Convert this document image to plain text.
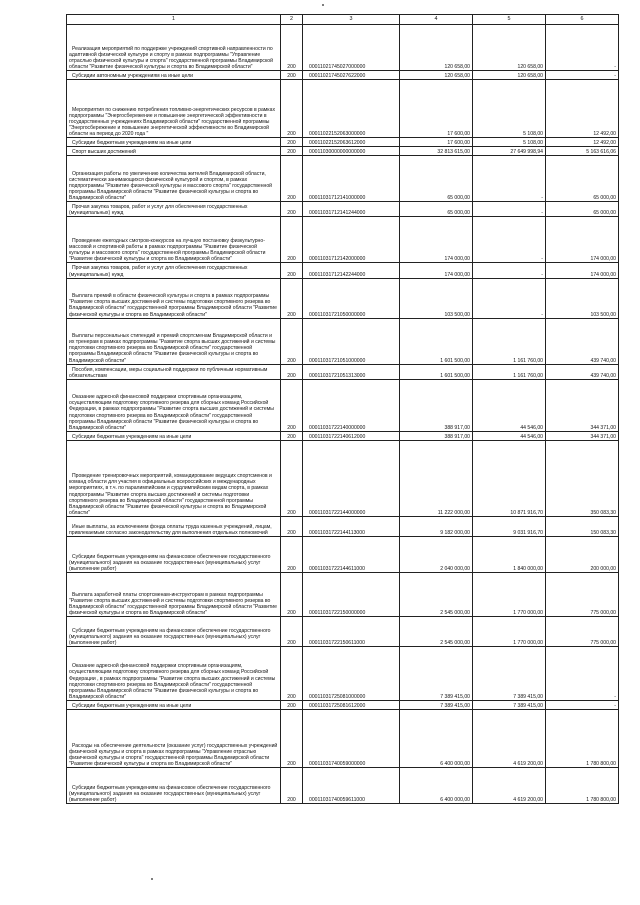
1	2	3	4	5	6

Реализация мероприятий по поддержке учреждений спортивной направленности по адаптивной физической культуре и спорту в рамках подпрограммы "Управление отраслью физической культуры и спорта" государственной программы Владимирской области "Развитие физической культуры и спорта во Владимирской области"	200	00011021745027000000	120 658,00	120 658,00	-

Субсидии автономным учреждениям на иные цели	200	00011021745027622000	120 658,00	120 658,00	-

Мероприятия по снижению потребления топливно-энергетических ресурсов в рамках подпрограммы "Энергосбережение и повышение энергетической эффективности в государственных учреждениях Владимирской области" государственной программы "Энергосбережение и повышение энергетической эффективности во Владимирской области на период до 2020 года "	200	00011022152063000000	17 600,00	5 108,00	12 492,00

Субсидии бюджетным учреждениям на иные цели	200	00011022152063612000	17 600,00	5 108,00	12 492,00

Спорт высших достижений	200	00011030000000000000	32 813 615,00	27 649 998,94	5 163 616,06

Организация работы по увеличению количества жителей Владимирской области, систематически занимающихся физической культурой и спортом, в рамках подпрограммы "Развитие физической культуры и массового спорта" государственной программы Владимирской области "Развитие физической культуры и спорта во Владимирской области"	200	00011031712141000000	65 000,00	-	65 000,00

Прочая закупка товаров, работ и услуг для обеспечения государственных (муниципальных) нужд	200	00011031712141244000	65 000,00	-	65 000,00

Проведение ежегодных смотров-конкурсов на лучшую постановку физкультурно-массовой и спортивной работы в рамках подпрограммы "Развитие физической культуры и массового спорта" государственной программы Владимирской области "Развитие физической культуры и спорта во Владимирской области"	200	00011031712142000000	174 000,00	-	174 000,00

Прочая закупка товаров, работ и услуг для обеспечения государственных (муниципальных) нужд	200	00011031712142244000	174 000,00	-	174 000,00

Выплата премий в области физической культуры и спорта в рамках подпрограммы "Развитие спорта высших достижений и системы подготовки спортивного резерва во Владимирской области" государственной программы Владимирской области "Развитие физической культуры и спорта во Владимирской области"	200	00011031721050000000	103 500,00	-	103 500,00

Выплаты персональных стипендий и премий спортсменам Владимирской области и их тренерам в рамках подпрограммы "Развитие спорта высших достижений и системы подготовки спортивного резерва во Владимирской области" государственной программы Владимирской области "Развитие физической культуры и спорта во Владимирской области"	200	00011031721051000000	1 601 500,00	1 161 760,00	439 740,00

Пособия, компенсации, меры социальной поддержки по публичным нормативным обязательствам	200	00011031721051313000	1 601 500,00	1 161 760,00	439 740,00

Оказание адресной финансовой поддержки спортивным организациям, осуществляющим подготовку спортивного резерва для сборных команд Российской Федерации, в рамках подпрограммы "Развитие спорта высших достижений и системы подготовки спортивного резерва во Владимирской области" государственной программы Владимирской области "Развитие физической культуры и спорта во Владимирской области"	200	00011031722140000000	388 917,00	44 546,00	344 371,00

Субсидии бюджетным учреждениям на иные цели	200	00011031722140612000	388 917,00	44 546,00	344 371,00

Проведение тренировочных мероприятий, командирование ведущих спортсменов и команд области для участия в официальных всероссийских и международных мероприятиях, в т.ч. по паралимпийским и сурдлимпийским видам спорта, в рамках подпрограммы "Развитие спорта высших достижений и системы подготовки спортивного резерва во Владимирской области" государственной программы Владимирской области "Развитие физической культуры и спорта во Владимирской области"	200	00011031722144000000	11 222 000,00	10 871 916,70	350 083,30

Иные выплаты, за исключением фонда оплаты труда казенных учреждений, лицам, привлекаемым согласно законодательству для выполнения отдельных полномочий	200	00011031722144113000	9 182 000,00	9 031 916,70	150 083,30

Субсидии бюджетным учреждениям на финансовое обеспечение государственного (муниципального) задания на оказание государственных (муниципальных) услуг (выполнение работ)	200	00011031722144611000	2 040 000,00	1 840 000,00	200 000,00

Выплата заработной платы спортсменам-инструкторам в рамках подпрограммы "Развитие спорта высших достижений и системы подготовки спортивного резерва во Владимирской области" государственной программы Владимирской области "Развитие физической культуры и спорта во Владимирской области"	200	00011031722150000000	2 545 000,00	1 770 000,00	775 000,00

Субсидии бюджетным учреждениям на финансовое обеспечение государственного (муниципального) задания на оказание государственных (муниципальных) услуг (выполнение работ)	200	00011031722150611000	2 545 000,00	1 770 000,00	775 000,00

Оказание адресной финансовой поддержки спортивным организациям, осуществляющим подготовку спортивного резерва для сборных команд Российской Федерации , в рамках подпрограммы "Развитие спорта высших достижений и системы подготовки спортивного резерва во Владимирской области" государственной программы Владимирской области "Развитие физической культуры и спорта во Владимирской области"	200	00011031725081000000	7 389 415,00	7 389 415,00	-

Субсидии бюджетным учреждениям на иные цели	200	00011031725081612000	7 389 415,00	7 389 415,00	-

Расходы на обеспечение деятельности (оказание услуг) государственных учреждений физической культуры и спорта в рамках подпрограммы "Управление отраслью физической культуры и спорта" государственной программы Владимирской области "Развитие физической культуры и спорта во Владимирской области"	200	00011031740059000000	6 400 000,00	4 619 200,00	1 780 800,00

Субсидии бюджетным учреждениям на финансовое обеспечение государственного (муниципального) задания на оказание государственных (муниципальных) услуг (выполнение работ)	200	00011031740059611000	6 400 000,00	4 619 200,00	1 780 800,00
